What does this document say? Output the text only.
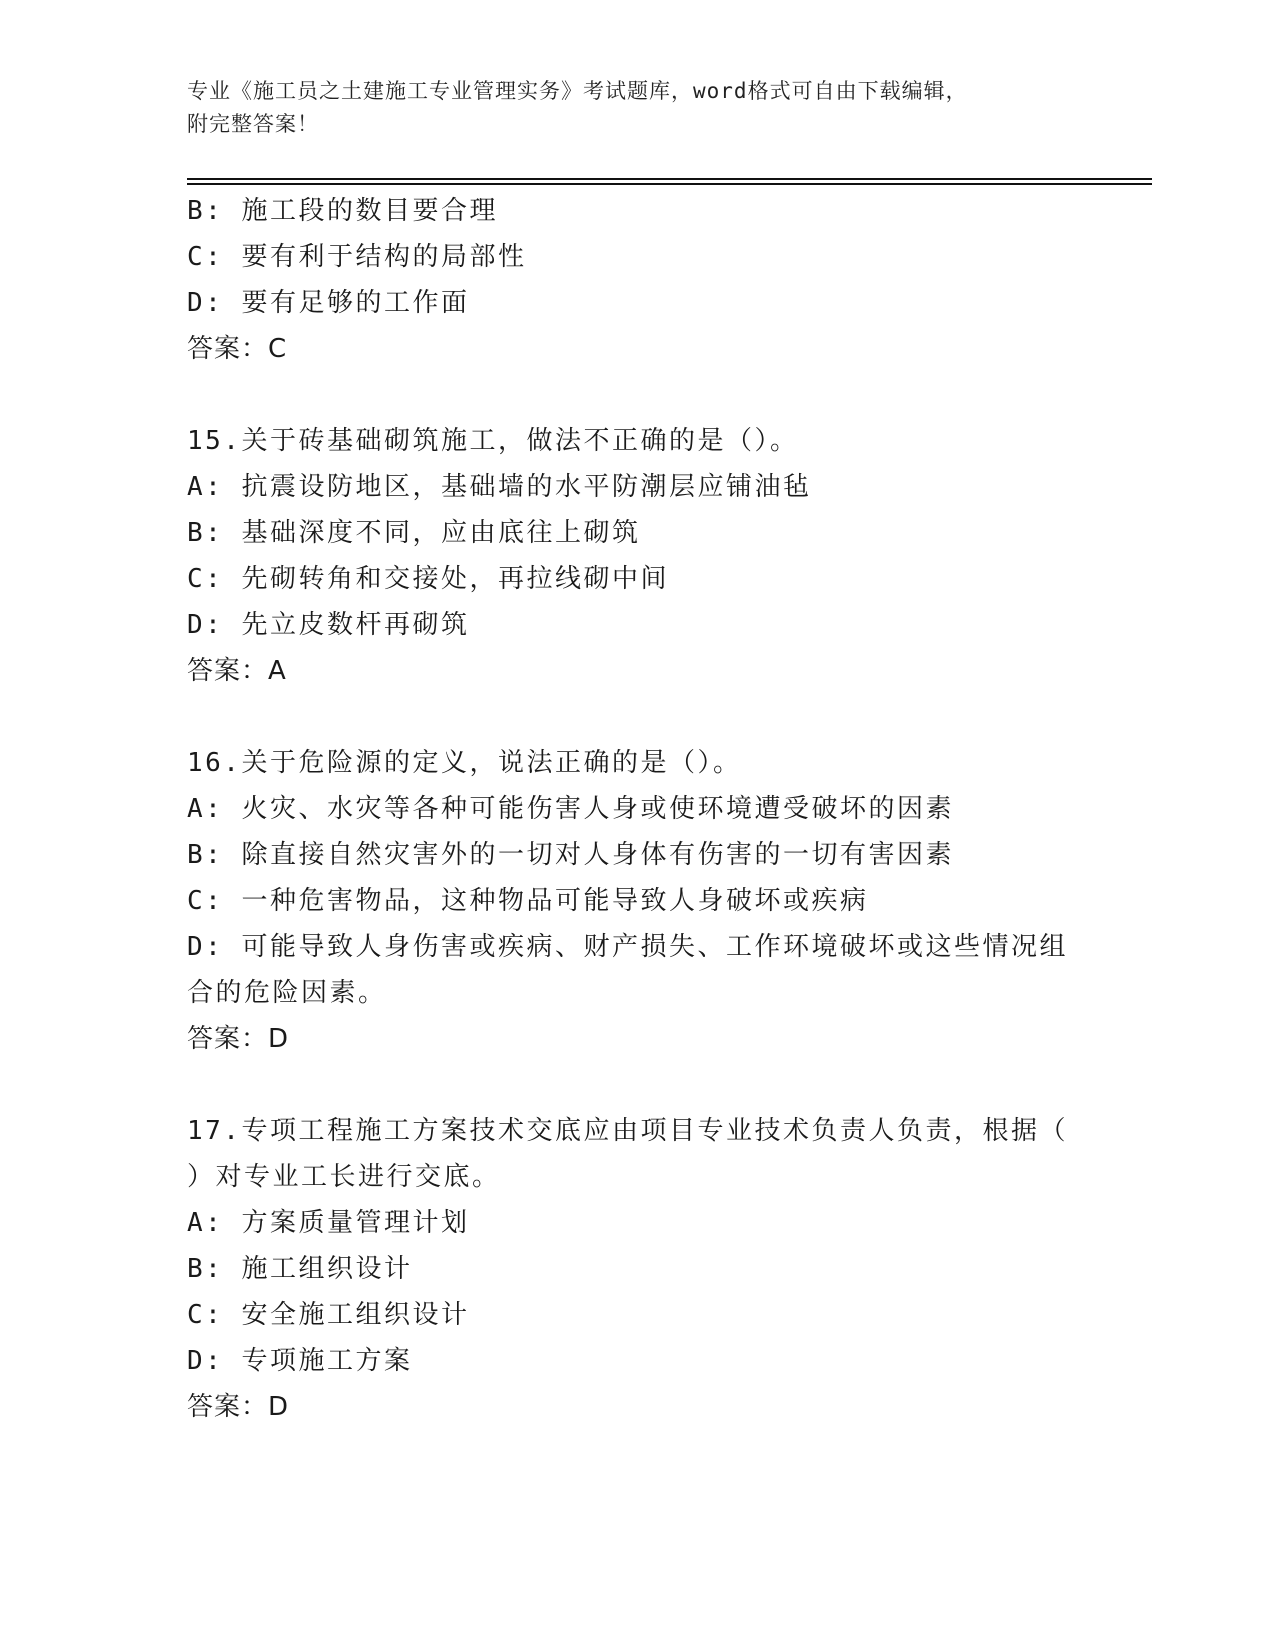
专业《施工员之土建施工专业管理实务》考试题库，word格式可自由下载编辑，
附完整答案！
B: 施工段的数目要合理
C: 要有利于结构的局部性
D: 要有足够的工作面
答案：C
15.关于砖基础砌筑施工，做法不正确的是（）。
A: 抗震设防地区，基础墙的水平防潮层应铺油毡
B: 基础深度不同，应由底往上砌筑
C: 先砌转角和交接处，再拉线砌中间
D: 先立皮数杆再砌筑
答案：A
16.关于危险源的定义，说法正确的是（）。
A: 火灾、水灾等各种可能伤害人身或使环境遭受破坏的因素
B: 除直接自然灾害外的一切对人身体有伤害的一切有害因素
C: 一种危害物品，这种物品可能导致人身破坏或疾病
D: 可能导致人身伤害或疾病、财产损失、工作环境破坏或这些情况组
合的危险因素。
答案：D
17.专项工程施工方案技术交底应由项目专业技术负责人负责，根据（
）对专业工长进行交底。
A: 方案质量管理计划
B: 施工组织设计
C: 安全施工组织设计
D: 专项施工方案
答案：D
